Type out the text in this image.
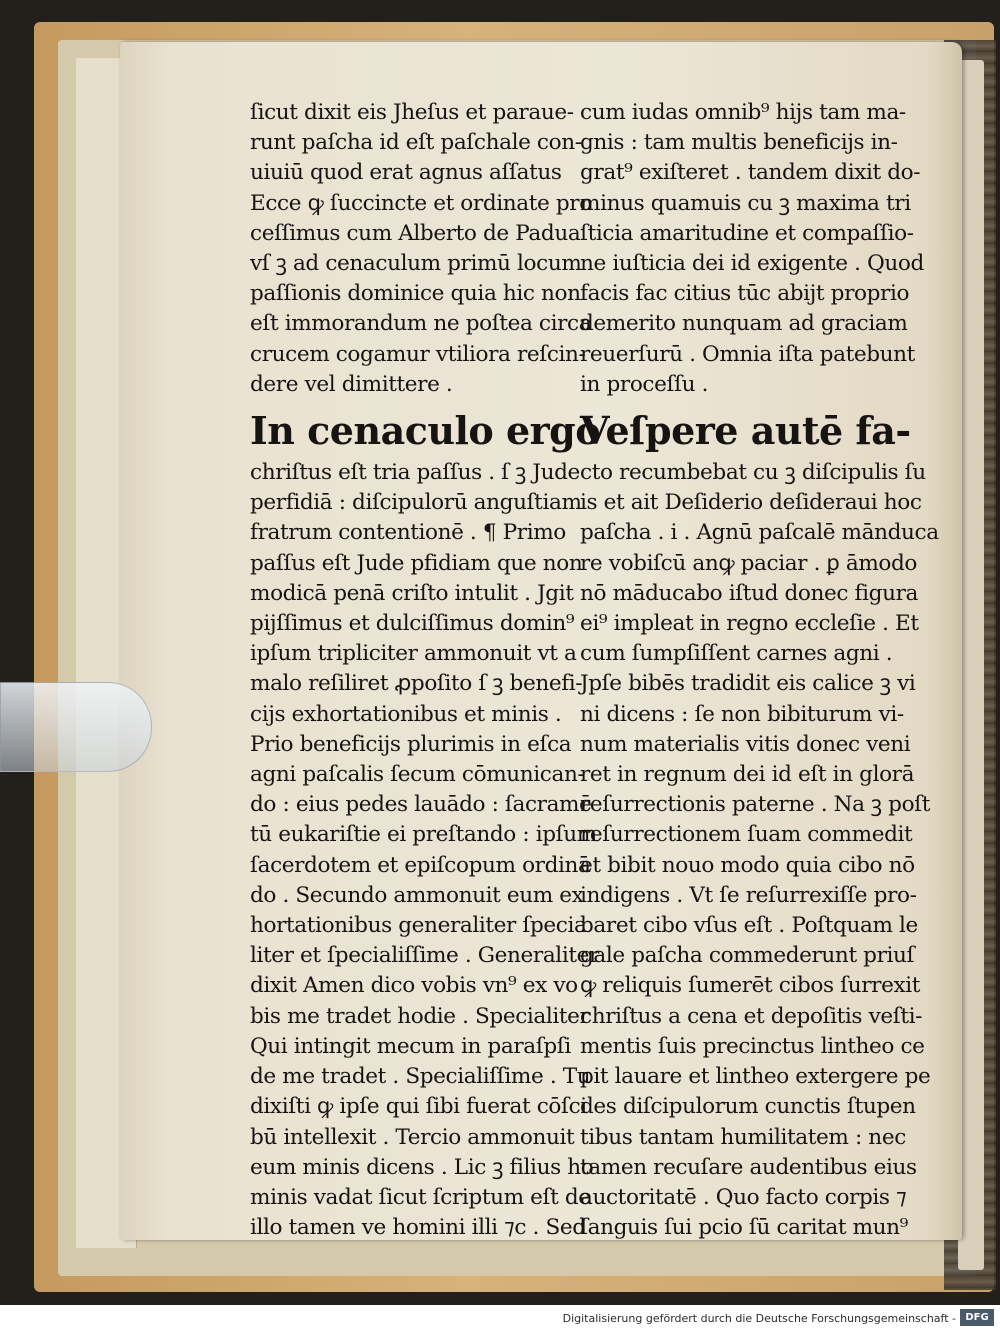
ſicut dixit eis Jheſus et paraue-
runt paſcha id eſt paſchale con-
uiuiū quod erat agnus aſſatus
Ecce ꝙ ſuccincte et ordinate pro
ceſſimus cum Alberto de Padua
vſ ꝫ ad cenaculum primū locum
paſſionis dominice quia hic non
eſt immorandum ne poſtea circa
crucem cogamur vtiliora reſcin-
dere vel dimittere .
In cenaculo ergo
chriſtus eſt tria paſſus . ſ ꝫ Jude
perfidiā : diſcipulorū anguſtiam
fratrum contentionē . ¶ Primo
paſſus eſt Jude pfidiam que non
modicā penā criſto intulit . Jgit
pijſſimus et dulciſſimus domin⁹
ipſum tripliciter ammonuit vt a
malo reſiliret ꝓpoſito ſ ꝫ benefi-
cijs exhortationibus et minis .
Prio beneficijs plurimis in eſca
agni paſcalis ſecum cōmunican-
do : eius pedes lauādo : ſacramē
tū eukariſtie ei preſtando : ipſum
ſacerdotem et epiſcopum ordinā
do . Secundo ammonuit eum ex
hortationibus generaliter ſpecia
liter et ſpecialiſſime . Generaliter
dixit Amen dico vobis vn⁹ ex vo
bis me tradet hodie . Specialiter
Qui intingit mecum in paraſpſi
de me tradet . Specialiſſime . Tu
dixiſti ꝙ ipſe qui ſibi fuerat cōſci
bū intellexit . Tercio ammonuit
eum minis dicens . Lic ꝫ filius ho
minis vadat ſicut ſcriptum eſt de
illo tamen ve homini illi ⁊c . Sed
cum iudas omnib⁹ hijs tam ma-
gnis : tam multis beneficijs in-
grat⁹ exiſteret . tandem dixit do-
minus quamuis cu ꝫ maxima tri
ſticia amaritudine et compaſſio-
ne iuſticia dei id exigente . Quod
facis fac citius tūc abijt proprio
demerito nunquam ad graciam
reuerſurū . Omnia iſta patebunt
in proceſſu .
Veſpere autē fa-
cto recumbebat cu ꝫ diſcipulis ſu
is et ait Deſiderio deſideraui hoc
paſcha . i . Agnū paſcalē mānduca
re vobiſcū anꝙ paciar . ꝑ āmodo
nō māducabo iſtud donec figura
ei⁹ impleat in regno eccleſie . Et
cum ſumpſiſſent carnes agni .
Jpſe bibēs tradidit eis calice ꝫ vi
ni dicens : ſe non bibiturum vi-
num materialis vitis donec veni
ret in regnum dei id eſt in glorā
reſurrectionis paterne . Na ꝫ poſt
reſurrectionem ſuam commedit
et bibit nouo modo quia cibo nō
indigens . Vt ſe reſurrexiſſe pro-
baret cibo vſus eſt . Poſtquam le
gale paſcha commederunt priuſ
ꝙ reliquis ſumerēt cibos ſurrexit
chriſtus a cena et depoſitis veſti-
mentis ſuis precinctus lintheo ce
pit lauare et lintheo extergere pe
des diſcipulorum cunctis ſtupen
tibus tantam humilitatem : nec
tamen recuſare audentibus eius
auctoritatē . Quo facto corpis ⁊
ſanguis ſui pcio ſū caritat mun⁹
Digitalisierung gefördert durch die Deutsche Forschungsgemeinschaft - DFG
